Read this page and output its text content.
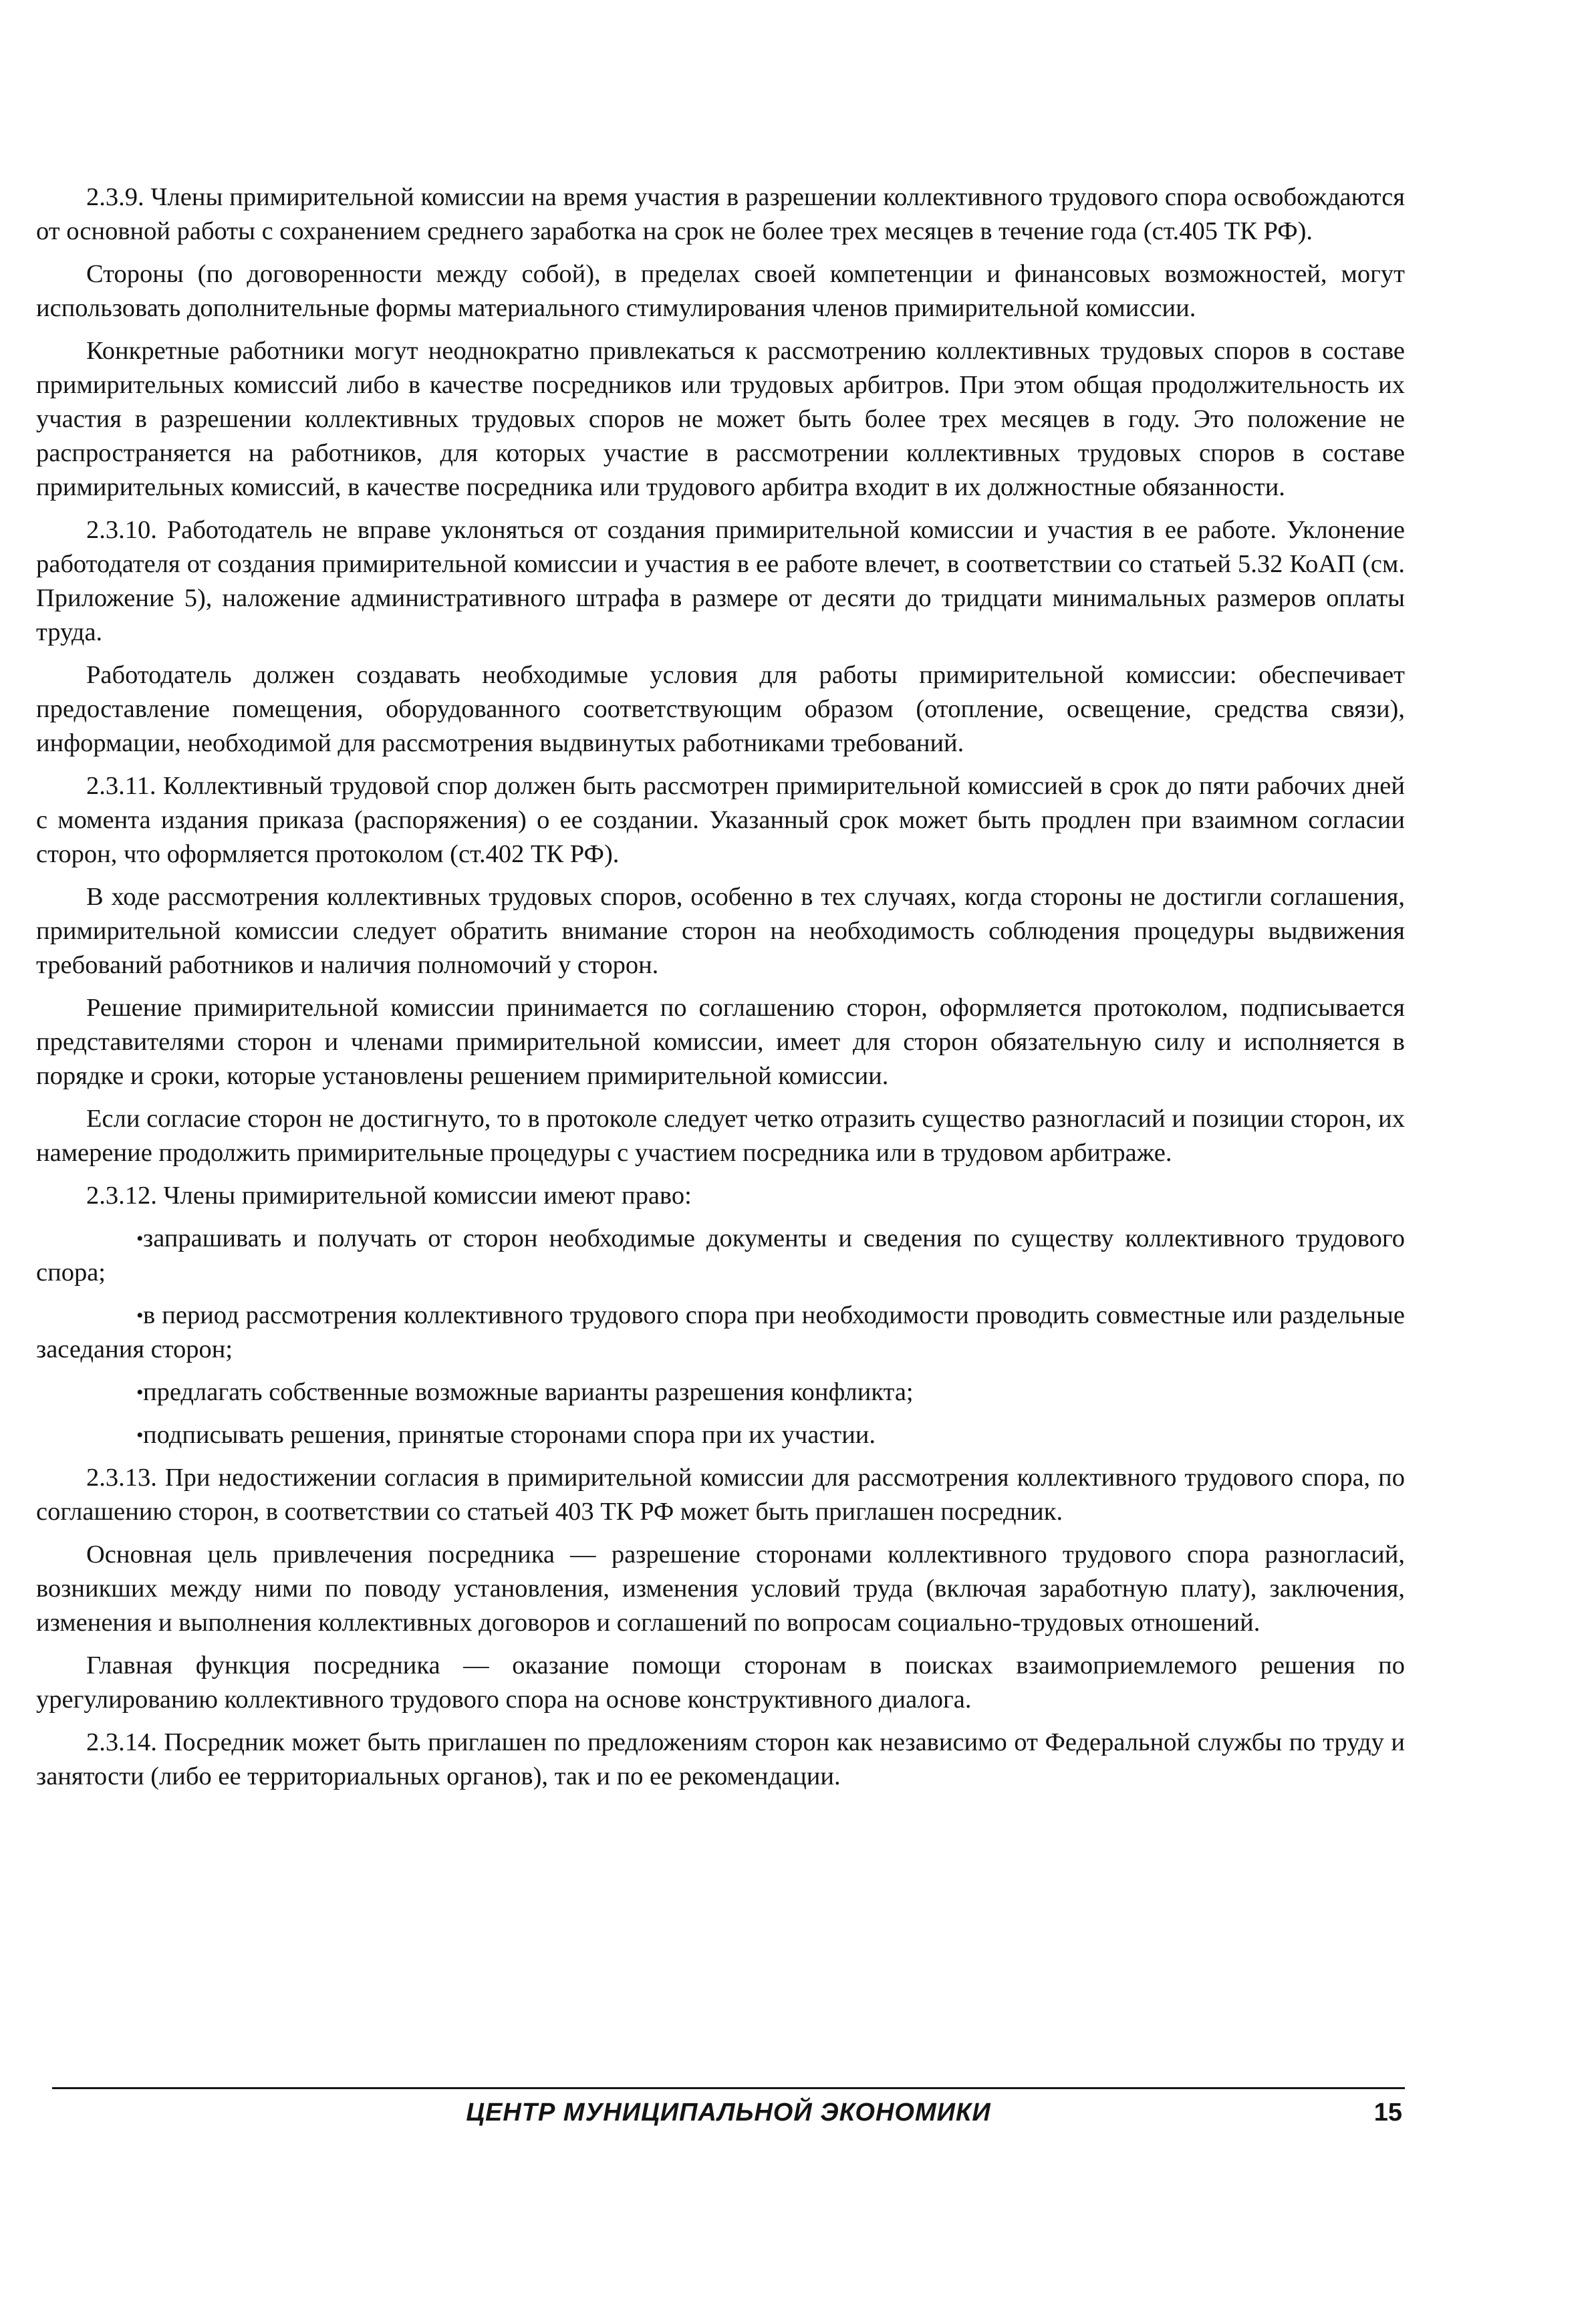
2.3.9. Члены примирительной комиссии на время участия в разрешении коллективного трудового спора освобождаются от основной работы с сохранением среднего заработка на срок не более трех месяцев в течение года (ст.405 ТК РФ).

Стороны (по договоренности между собой), в пределах своей компетенции и финансовых возможностей, могут использовать дополнительные формы материального стимулирования членов примирительной комиссии.

Конкретные работники могут неоднократно привлекаться к рассмотрению коллективных трудовых споров в составе примирительных комиссий либо в качестве посредников или трудовых арбитров. При этом общая продолжительность их участия в разрешении коллективных трудовых споров не может быть более трех месяцев в году. Это положение не распространяется на работников, для которых участие в рассмотрении коллективных трудовых споров в составе примирительных комиссий, в качестве посредника или трудового арбитра входит в их должностные обязанности.

2.3.10. Работодатель не вправе уклоняться от создания примирительной комиссии и участия в ее работе. Уклонение работодателя от создания примирительной комиссии и участия в ее работе влечет, в соответствии со статьей 5.32 КоАП (см. Приложение 5), наложение административного штрафа в размере от десяти до тридцати минимальных размеров оплаты труда.

Работодатель должен создавать необходимые условия для работы примирительной комиссии: обеспечивает предоставление помещения, оборудованного соответствующим образом (отопление, освещение, средства связи), информации, необходимой для рассмотрения выдвинутых работниками требований.

2.3.11. Коллективный трудовой спор должен быть рассмотрен примирительной комиссией в срок до пяти рабочих дней с момента издания приказа (распоряжения) о ее создании. Указанный срок может быть продлен при взаимном согласии сторон, что оформляется протоколом (ст.402 ТК РФ).

В ходе рассмотрения коллективных трудовых споров, особенно в тех случаях, когда стороны не достигли соглашения, примирительной комиссии следует обратить внимание сторон на необходимость соблюдения процедуры выдвижения требований работников и наличия полномочий у сторон.

Решение примирительной комиссии принимается по соглашению сторон, оформляется протоколом, подписывается представителями сторон и членами примирительной комиссии, имеет для сторон обязательную силу и исполняется в порядке и сроки, которые установлены решением примирительной комиссии.

Если согласие сторон не достигнуто, то в протоколе следует четко отразить существо разногласий и позиции сторон, их намерение продолжить примирительные процедуры с участием посредника или в трудовом арбитраже.

2.3.12. Члены примирительной комиссии имеют право:

•запрашивать и получать от сторон необходимые документы и сведения по существу коллективного трудового спора;
•в период рассмотрения коллективного трудового спора при необходимости проводить совместные или раздельные заседания сторон;
•предлагать собственные возможные варианты разрешения конфликта;
•подписывать решения, принятые сторонами спора при их участии.

2.3.13. При недостижении согласия в примирительной комиссии для рассмотрения коллективного трудового спора, по соглашению сторон, в соответствии со статьей 403 ТК РФ может быть приглашен посредник.

Основная цель привлечения посредника — разрешение сторонами коллективного трудового спора разногласий, возникших между ними по поводу установления, изменения условий труда (включая заработную плату), заключения, изменения и выполнения коллективных договоров и соглашений по вопросам социально-трудовых отношений.

Главная функция посредника — оказание помощи сторонам в поисках взаимоприемлемого решения по урегулированию коллективного трудового спора на основе конструктивного диалога.

2.3.14. Посредник может быть приглашен по предложениям сторон как независимо от Федеральной службы по труду и занятости (либо ее территориальных органов), так и по ее рекомендации.

ЦЕНТР МУНИЦИПАЛЬНОЙ ЭКОНОМИКИ	15
